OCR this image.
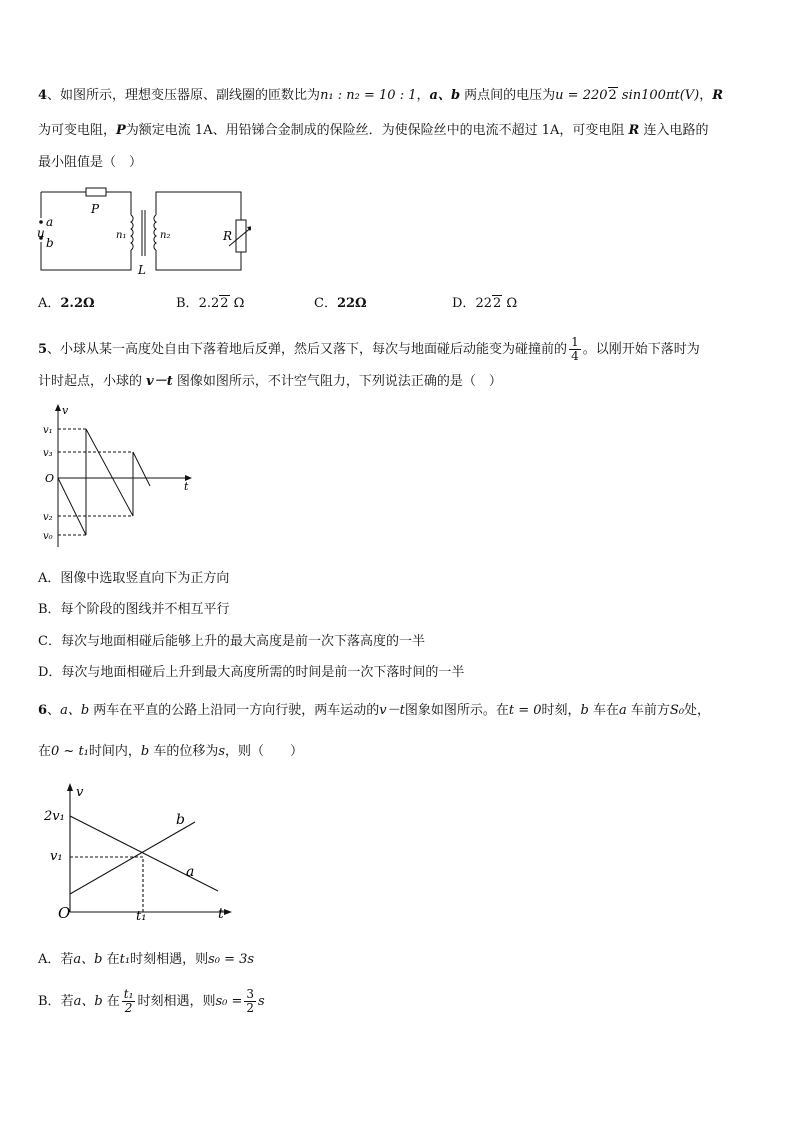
4、如图所示，理想变压器原、副线圈的匝数比为n₁ : n₂ = 10 : 1，a、b 两点间的电压为u = 2202 sin100πt(V)，R
为可变电阻，P为额定电流 1A、用铅锑合金制成的保险丝．为使保险丝中的电流不超过 1A，可变电阻 R 连入电路的
最小阻值是（　）
P
a
u
b
n₁	n₂
L
R
A．2.2Ω	B．2.22 Ω	C．22Ω	D．222 Ω
5、小球从某一高度处自由下落着地后反弹，然后又落下，每次与地面碰后动能变为碰撞前的 $\frac{1}{4}$ 。以刚开始下落时为
计时起点，小球的 v－t 图像如图所示，不计空气阻力，下列说法正确的是（　）
v
v₁
v₃
O
t
v₂
v₀
A．图像中选取竖直向下为正方向
B．每个阶段的图线并不相互平行
C．每次与地面相碰后能够上升的最大高度是前一次下落高度的一半
D．每次与地面相碰后上升到最大高度所需的时间是前一次下落时间的一半
6、a、b 两车在平直的公路上沿同一方向行驶，两车运动的v－t图象如图所示。在t = 0时刻，b 车在a 车前方S₀处，
在0 ~ t₁时间内，b 车的位移为s，则（　　）
v
2v₁
v₁
b
a
O	t₁	t
A．若a、b 在t₁时刻相遇，则s₀ = 3s
B．若a、b 在 $\frac{\text{t₁}}{2}$ 时刻相遇，则$s_0 = \frac{3}{2}$ s
